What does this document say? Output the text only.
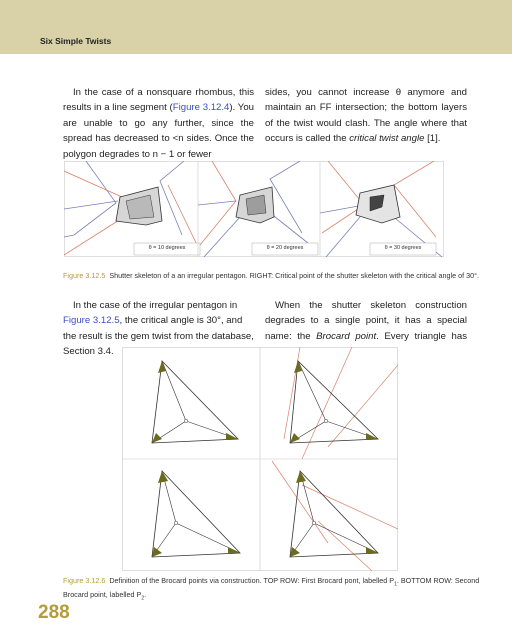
Six Simple Twists

In the case of a nonsquare rhombus, this results in a line segment (Figure 3.12.4). You are unable to go any further, since the spread has decreased to <n sides. Once the polygon degrades to n − 1 or fewer

sides, you cannot increase θ anymore and maintain an FF intersection; the bottom layers of the twist would clash. The angle where that occurs is called the critical twist angle [1].

θ = 10 degrees	θ = 20 degrees	θ = 30 degrees
Figure 3.12.5 Shutter skeleton of a an irregular pentagon. RIGHT: Critical point of the shutter skeleton with the critical angle of 30°.

In the case of the irregular pentagon in Figure 3.12.5, the critical angle is 30°, and the result is the gem twist from the database, Section 3.4.

When the shutter skeleton construction degrades to a single point, it has a special name: the Brocard point. Every triangle has

Figure 3.12.6 Definition of the Brocard points via construction. TOP ROW: First Brocard pont, labelled $P_1$. BOTTOM ROW: Second Brocard point, labelled $P_2$.
288
